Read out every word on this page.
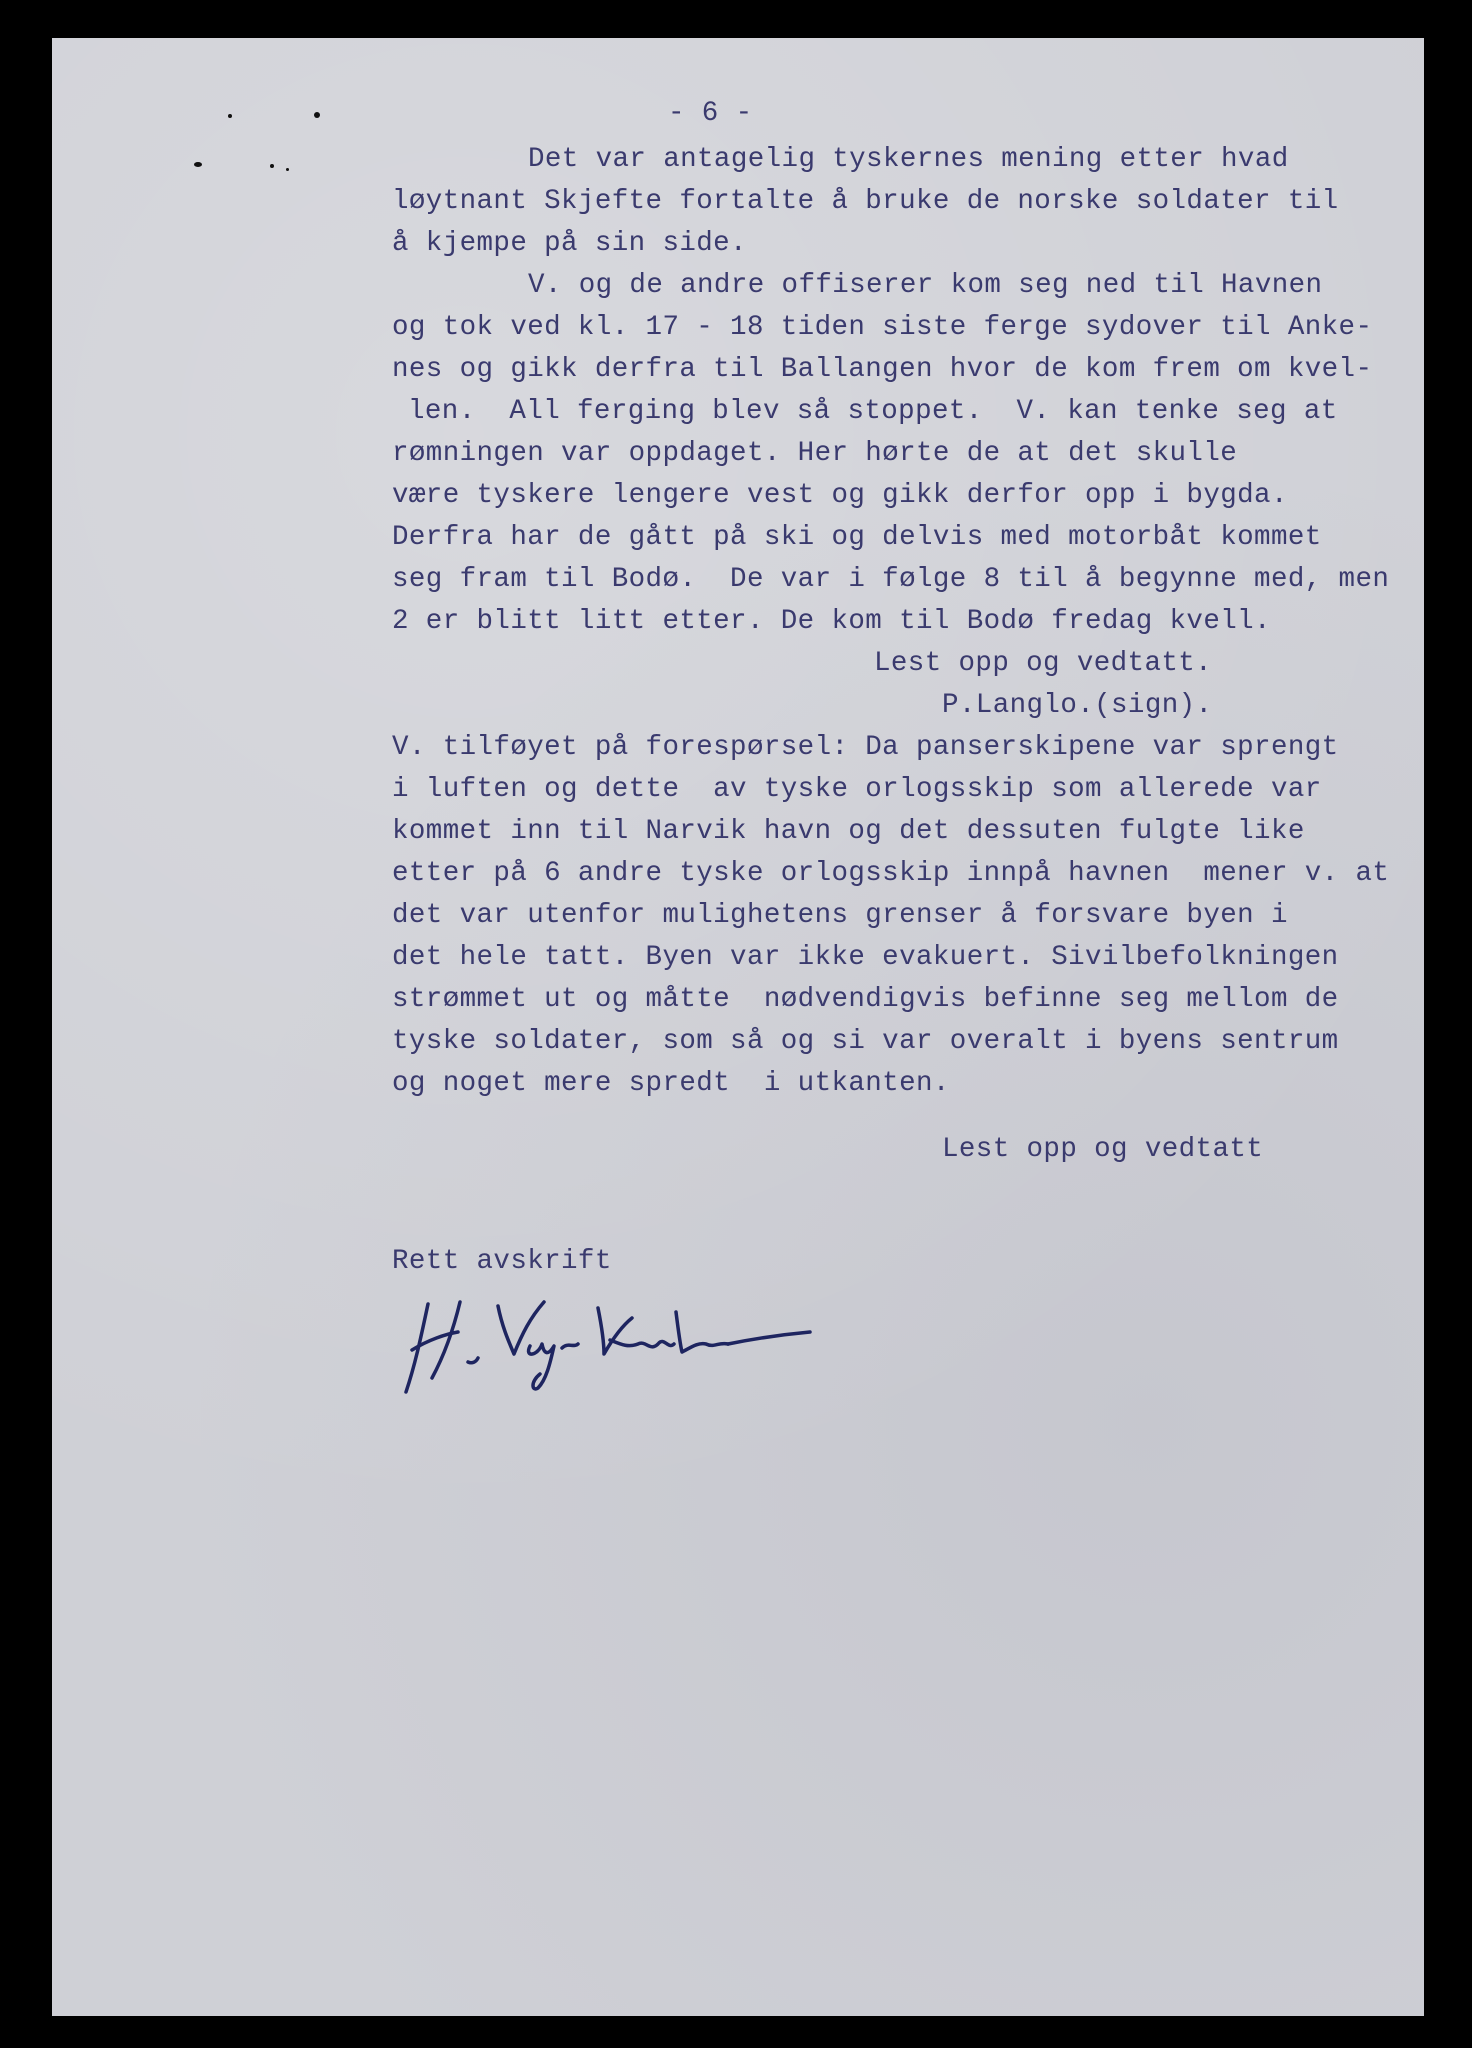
- 6 -

Det var antagelig tyskernes mening etter hvad

løytnant Skjefte fortalte å bruke de norske soldater til

å kjempe på sin side.

V. og de andre offiserer kom seg ned til Havnen

og tok ved kl. 17 - 18 tiden siste ferge sydover til Anke-

nes og gikk derfra til Ballangen hvor de kom frem om kvel-

len.  All ferging blev så stoppet.  V. kan tenke seg at

rømningen var oppdaget. Her hørte de at det skulle

være tyskere lengere vest og gikk derfor opp i bygda.

Derfra har de gått på ski og delvis med motorbåt kommet

seg fram til Bodø.  De var i følge 8 til å begynne med, men

2 er blitt litt etter. De kom til Bodø fredag kvell.

Lest opp og vedtatt.

P.Langlo.(sign).

V. tilføyet på forespørsel: Da panserskipene var sprengt

i luften og dette  av tyske orlogsskip som allerede var

kommet inn til Narvik havn og det dessuten fulgte like

etter på 6 andre tyske orlogsskip innpå havnen  mener v. at

det var utenfor mulighetens grenser å forsvare byen i

det hele tatt. Byen var ikke evakuert. Sivilbefolkningen

strømmet ut og måtte  nødvendigvis befinne seg mellom de

tyske soldater, som så og si var overalt i byens sentrum

og noget mere spredt  i utkanten.

Lest opp og vedtatt

Rett avskrift
